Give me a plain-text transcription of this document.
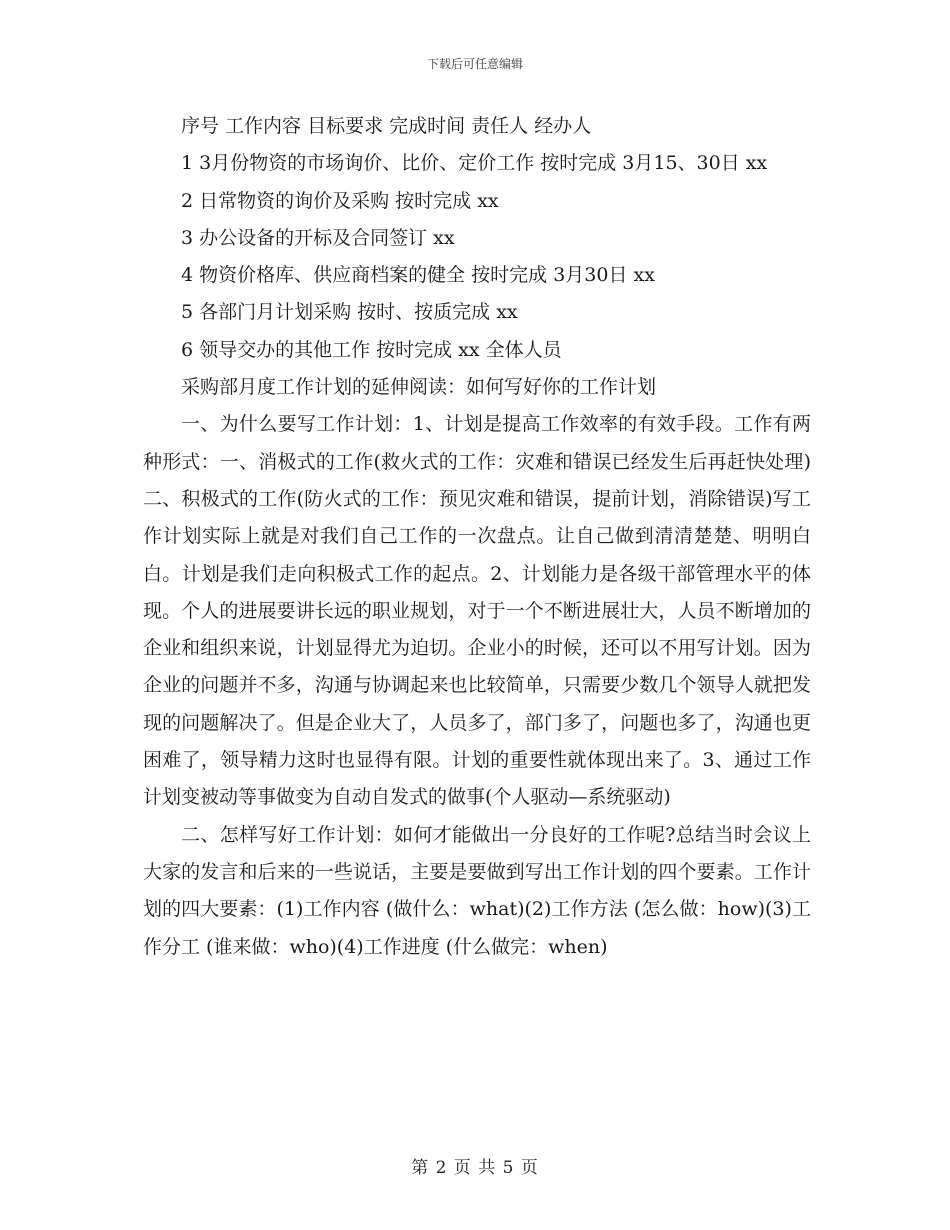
下载后可任意编辑

序号 工作内容 目标要求 完成时间 责任人 经办人

1 3月份物资的市场询价、比价、定价工作 按时完成 3月15、30日 xx

2 日常物资的询价及采购 按时完成 xx

3 办公设备的开标及合同签订 xx

4 物资价格库、供应商档案的健全 按时完成 3月30日 xx

5 各部门月计划采购 按时、按质完成 xx

6 领导交办的其他工作 按时完成 xx 全体人员

采购部月度工作计划的延伸阅读：如何写好你的工作计划

一、为什么要写工作计划：1、计划是提高工作效率的有效手段。工作有两种形式：一、消极式的工作(救火式的工作：灾难和错误已经发生后再赶快处理)二、积极式的工作(防火式的工作：预见灾难和错误，提前计划，消除错误)写工作计划实际上就是对我们自己工作的一次盘点。让自己做到清清楚楚、明明白白。计划是我们走向积极式工作的起点。2、计划能力是各级干部管理水平的体现。个人的进展要讲长远的职业规划，对于一个不断进展壮大，人员不断增加的企业和组织来说，计划显得尤为迫切。企业小的时候，还可以不用写计划。因为企业的问题并不多，沟通与协调起来也比较简单，只需要少数几个领导人就把发现的问题解决了。但是企业大了，人员多了，部门多了，问题也多了，沟通也更困难了，领导精力这时也显得有限。计划的重要性就体现出来了。3、通过工作计划变被动等事做变为自动自发式的做事(个人驱动—系统驱动)

二、怎样写好工作计划：如何才能做出一分良好的工作呢?总结当时会议上大家的发言和后来的一些说话，主要是要做到写出工作计划的四个要素。工作计划的四大要素：(1)工作内容 (做什么：what)(2)工作方法 (怎么做：how)(3)工作分工 (谁来做：who)(4)工作进度 (什么做完：when)

第 2 页 共 5 页
